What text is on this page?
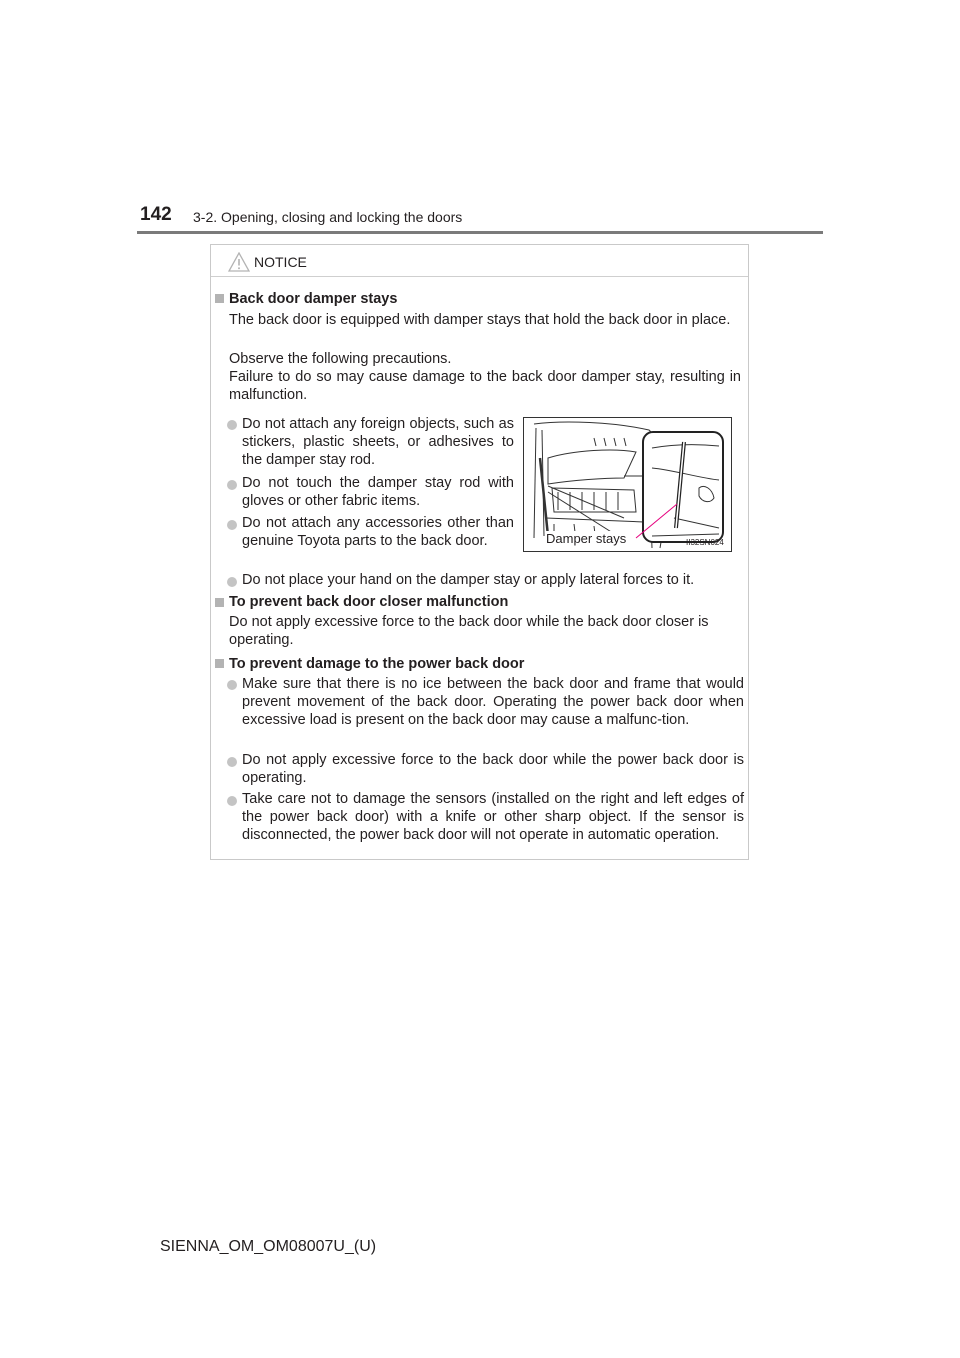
142 3-2. Opening, closing and locking the doors
NOTICE
Back door damper stays
The back door is equipped with damper stays that hold the back door in place.
Observe the following precautions.
Failure to do so may cause damage to the back door damper stay, resulting in malfunction.
Do not attach any foreign objects, such as stickers, plastic sheets, or adhesives to the damper stay rod.
Do not touch the damper stay rod with gloves or other fabric items.
Do not attach any accessories other than genuine Toyota parts to the back door.
Do not place your hand on the damper stay or apply lateral forces to it.
Damper stays	II32SN024
To prevent back door closer malfunction
Do not apply excessive force to the back door while the back door closer is operating.
To prevent damage to the power back door
Make sure that there is no ice between the back door and frame that would prevent movement of the back door. Operating the power back door when excessive load is present on the back door may cause a malfunc-tion.
Do not apply excessive force to the back door while the power back door is operating.
Take care not to damage the sensors (installed on the right and left edges of the power back door) with a knife or other sharp object. If the sensor is disconnected, the power back door will not operate in automatic operation.
SIENNA_OM_OM08007U_(U)
